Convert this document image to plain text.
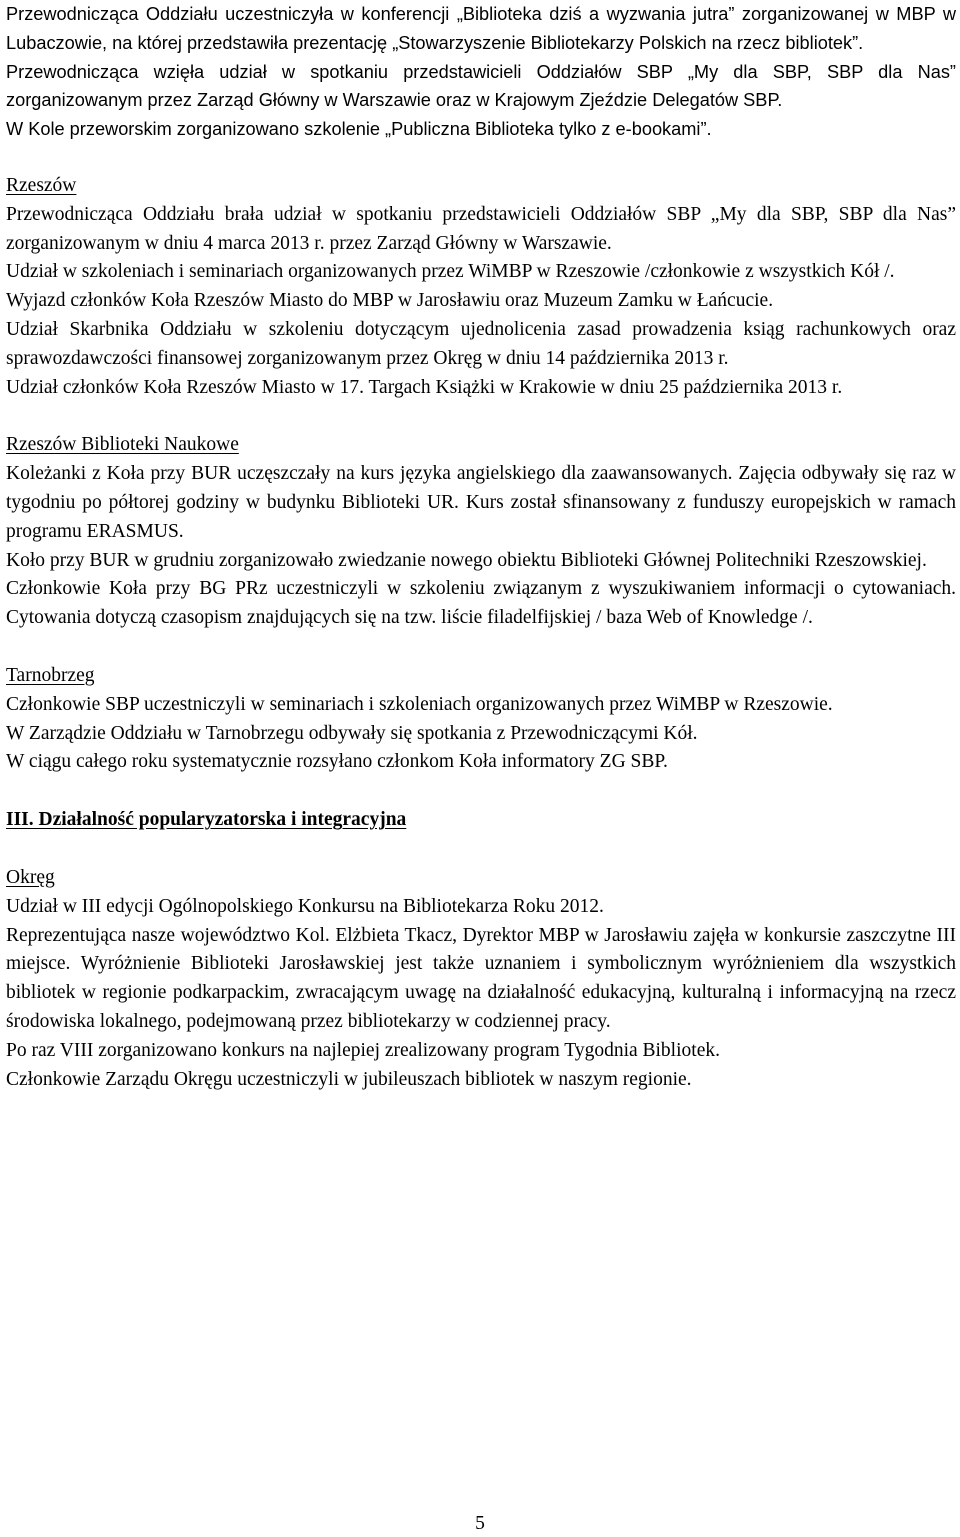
Przewodnicząca Oddziału uczestniczyła w konferencji „Biblioteka dziś a wyzwania jutra” zorganizowanej w MBP w Lubaczowie, na której przedstawiła prezentację „Stowarzyszenie Bibliotekarzy Polskich na rzecz bibliotek”.

Przewodnicząca wzięła udział w spotkaniu przedstawicieli Oddziałów SBP „My dla SBP, SBP dla Nas” zorganizowanym przez Zarząd Główny w Warszawie oraz w Krajowym Zjeździe Delegatów SBP.

W Kole przeworskim zorganizowano szkolenie „Publiczna Biblioteka tylko z e-bookami”.

Rzeszów

Przewodnicząca Oddziału brała udział w spotkaniu przedstawicieli Oddziałów SBP „My dla SBP, SBP dla Nas” zorganizowanym w dniu 4 marca 2013 r. przez Zarząd Główny w Warszawie.

Udział w szkoleniach i seminariach organizowanych przez WiMBP w Rzeszowie /członkowie z wszystkich Kół /.

Wyjazd członków Koła Rzeszów Miasto do MBP w Jarosławiu oraz Muzeum Zamku w Łańcucie.

Udział Skarbnika Oddziału w szkoleniu dotyczącym ujednolicenia zasad prowadzenia ksiąg rachunkowych oraz sprawozdawczości finansowej zorganizowanym przez Okręg w dniu 14 października 2013 r.

Udział członków Koła Rzeszów Miasto w 17. Targach Książki w Krakowie w dniu 25 października 2013 r.

Rzeszów Biblioteki Naukowe

Koleżanki z Koła przy BUR uczęszczały na kurs języka angielskiego dla zaawansowanych. Zajęcia odbywały się raz w tygodniu po półtorej godziny w budynku Biblioteki UR. Kurs został sfinansowany z funduszy europejskich w ramach programu ERASMUS.

Koło przy BUR w grudniu zorganizowało zwiedzanie nowego obiektu Biblioteki Głównej Politechniki Rzeszowskiej.

Członkowie Koła przy BG PRz uczestniczyli w szkoleniu związanym z wyszukiwaniem informacji o cytowaniach. Cytowania dotyczą czasopism znajdujących się na tzw. liście filadelfijskiej / baza Web of Knowledge /.

Tarnobrzeg

Członkowie SBP uczestniczyli w seminariach i szkoleniach organizowanych przez WiMBP w Rzeszowie.

W Zarządzie Oddziału w Tarnobrzegu odbywały się spotkania z Przewodniczącymi Kół.

W ciągu całego roku systematycznie rozsyłano członkom Koła informatory ZG SBP.

III. Działalność popularyzatorska i integracyjna

Okręg

Udział w III edycji Ogólnopolskiego Konkursu na Bibliotekarza Roku 2012.

Reprezentująca nasze województwo Kol. Elżbieta Tkacz, Dyrektor MBP w Jarosławiu zajęła w konkursie zaszczytne III miejsce. Wyróżnienie Biblioteki Jarosławskiej jest także uznaniem i symbolicznym wyróżnieniem dla wszystkich bibliotek w regionie podkarpackim, zwracającym uwagę na działalność edukacyjną, kulturalną i informacyjną na rzecz środowiska lokalnego, podejmowaną przez bibliotekarzy w codziennej pracy.

Po raz VIII zorganizowano konkurs na najlepiej zrealizowany program Tygodnia Bibliotek.

Członkowie Zarządu Okręgu uczestniczyli w jubileuszach bibliotek w naszym regionie.

5
